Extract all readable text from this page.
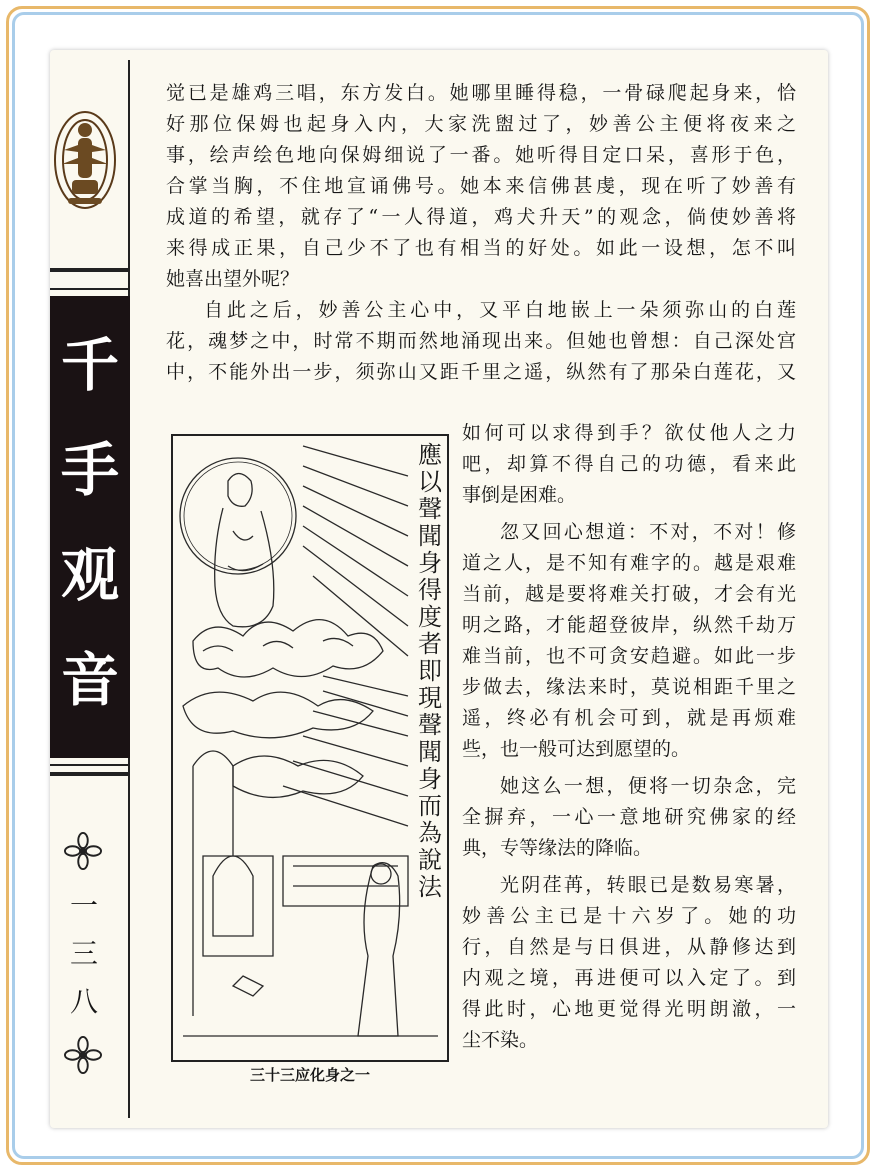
千
手
观
音
一
三
八
觉已是雄鸡三唱，东方发白。她哪里睡得稳，一骨碌爬起身来，恰
好那位保姆也起身入内，大家洗盥过了，妙善公主便将夜来之
事，绘声绘色地向保姆细说了一番。她听得目定口呆，喜形于色，
合掌当胸，不住地宣诵佛号。她本来信佛甚虔，现在听了妙善有
成道的希望，就存了“一人得道，鸡犬升天”的观念，倘使妙善将
来得成正果，自己少不了也有相当的好处。如此一设想，怎不叫
她喜出望外呢？
自此之后，妙善公主心中，又平白地嵌上一朵须弥山的白莲
花，魂梦之中，时常不期而然地涌现出来。但她也曾想：自己深处宫
中，不能外出一步，须弥山又距千里之遥，纵然有了那朵白莲花，又
如何可以求得到手？欲仗他人之力
吧，却算不得自己的功德，看来此
事倒是困难。
忽又回心想道：不对，不对！修
道之人，是不知有难字的。越是艰难
当前，越是要将难关打破，才会有光
明之路，才能超登彼岸，纵然千劫万
难当前，也不可贪安趋避。如此一步
步做去，缘法来时，莫说相距千里之
遥，终必有机会可到，就是再烦难
些，也一般可达到愿望的。
她这么一想，便将一切杂念，完
全摒弃，一心一意地研究佛家的经
典，专等缘法的降临。
光阴荏苒，转眼已是数易寒暑，
妙善公主已是十六岁了。她的功
行，自然是与日俱进，从静修达到
内观之境，再进便可以入定了。到
得此时，心地更觉得光明朗澈，一
尘不染。
應
以
聲
聞
身
得
度
者
即
現
聲
聞
身
而
為
說
法
三十三应化身之一
